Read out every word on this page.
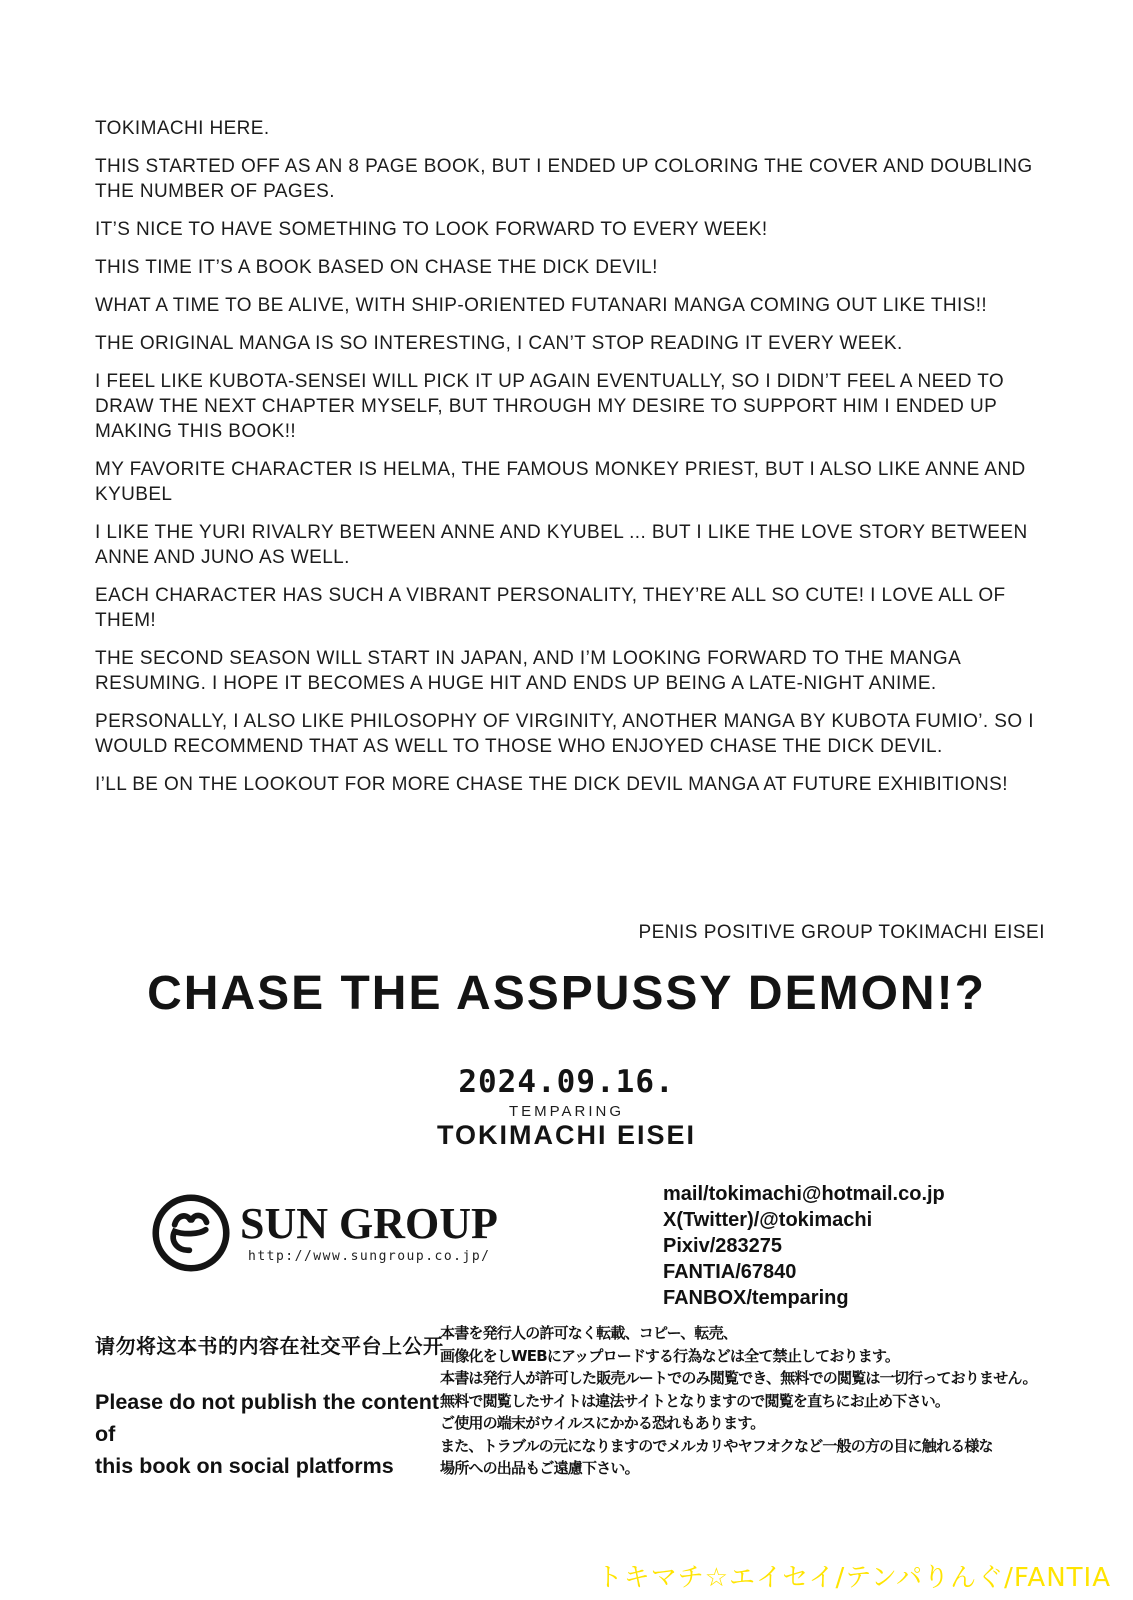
TOKIMACHI HERE.

THIS STARTED OFF AS AN 8 PAGE BOOK, BUT I ENDED UP COLORING THE COVER AND DOUBLING THE NUMBER OF PAGES.

IT’S NICE TO HAVE SOMETHING TO LOOK FORWARD TO EVERY WEEK!

THIS TIME IT’S A BOOK BASED ON CHASE THE DICK DEVIL!

WHAT A TIME TO BE ALIVE, WITH SHIP-ORIENTED FUTANARI MANGA COMING OUT LIKE THIS!!

THE ORIGINAL MANGA IS SO INTERESTING, I CAN’T STOP READING IT EVERY WEEK.

I FEEL LIKE KUBOTA-SENSEI WILL PICK IT UP AGAIN EVENTUALLY, SO I DIDN’T FEEL A NEED TO DRAW THE NEXT CHAPTER MYSELF, BUT THROUGH MY DESIRE TO SUPPORT HIM I ENDED UP MAKING THIS BOOK!!

MY FAVORITE CHARACTER IS HELMA, THE FAMOUS MONKEY PRIEST, BUT I ALSO LIKE ANNE AND KYUBEL

I LIKE THE YURI RIVALRY BETWEEN ANNE AND KYUBEL ... BUT I LIKE THE LOVE STORY BETWEEN ANNE AND JUNO AS WELL.

EACH CHARACTER HAS SUCH A VIBRANT PERSONALITY, THEY’RE ALL SO CUTE! I LOVE ALL OF THEM!

THE SECOND SEASON WILL START IN JAPAN, AND I’M LOOKING FORWARD TO THE MANGA RESUMING. I HOPE IT BECOMES A HUGE HIT AND ENDS UP BEING A LATE-NIGHT ANIME.

PERSONALLY, I ALSO LIKE PHILOSOPHY OF VIRGINITY, ANOTHER MANGA BY KUBOTA FUMIO’. SO I WOULD RECOMMEND THAT AS WELL TO THOSE WHO ENJOYED CHASE THE DICK DEVIL.

I’LL BE ON THE LOOKOUT FOR MORE CHASE THE DICK DEVIL MANGA AT FUTURE EXHIBITIONS!

PENIS POSITIVE GROUP TOKIMACHI EISEI
CHASE THE ASSPUSSY DEMON!?
2024.09.16.
TEMPARING
TOKIMACHI EISEI
SUN GROUP
http://www.sungroup.co.jp/
mail/tokimachi@hotmail.co.jp
X(Twitter)/@tokimachi
Pixiv/283275
FANTIA/67840
FANBOX/temparing
请勿将这本书的内容在社交平台上公开
Please do not publish the content of
this book on social platforms
本書を発行人の許可なく転載、コピー、転売、
画像化をしWEBにアップロードする行為などは全て禁止しております。
本書は発行人が許可した販売ルートでのみ閲覧でき、無料での閲覧は一切行っておりません。
無料で閲覧したサイトは違法サイトとなりますので閲覧を直ちにお止め下さい。
ご使用の端末がウイルスにかかる恐れもあります。
また、トラブルの元になりますのでメルカリやヤフオクなど一般の方の目に触れる様な
場所への出品もご遠慮下さい。
トキマチ☆エイセイ/テンパりんぐ/FANTIA
